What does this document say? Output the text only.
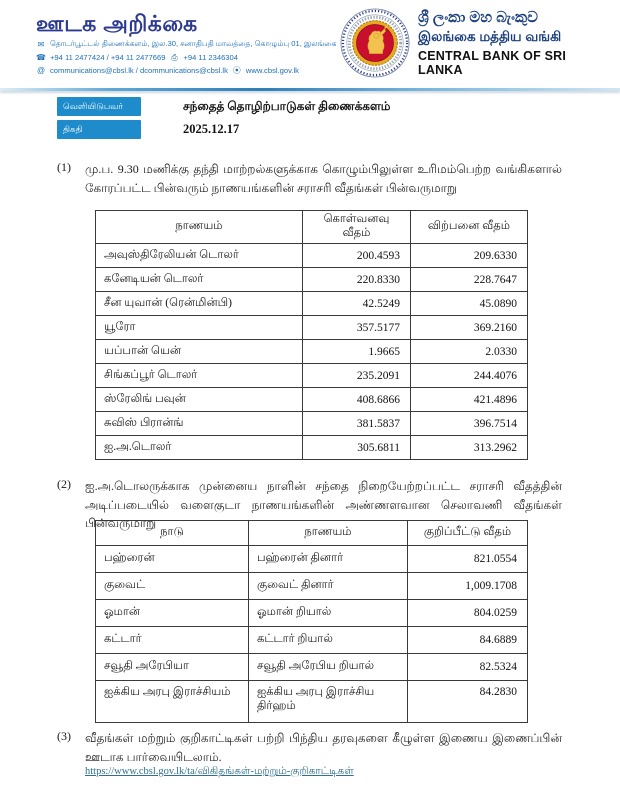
ஊடக அறிக்கை
✉ தொடர்பூட்டல் திணைக்களம், இல.30, சனாதிபதி மாவத்தை, கொழும்பு 01, இலங்கை
☎ +94 11 2477424 / +94 11 2477669 ⎙ +94 11 2346304
@ communications@cbsl.lk / dcommunications@cbsl.lk ⦿ www.cbsl.gov.lk
ශ්‍රී ලංකා මහ බැංකුව
இலங்கை மத்திய வங்கி
CENTRAL BANK OF SRI LANKA
வெளியிடுபவர்	சந்தைத் தொழிற்பாடுகள் திணைக்களம்
திகதி	2025.12.17
(1)	மு.ப. 9.30 மணிக்கு தந்தி மாற்றல்களுக்காக கொழும்பிலுள்ள உரிமம்பெற்ற வங்கிகளால் கோரப்பட்ட பின்வரும் நாணயங்களின் சராசரி வீதங்கள் பின்வருமாறு
நாணயம்	கொள்வனவு வீதம்	விற்பனை வீதம்
அவுஸ்திரேலியன் டொலர்	200.4593	209.6330
கனேடியன் டொலர்	220.8330	228.7647
சீன யுவான் (ரென்மின்பி)	42.5249	45.0890
யூரோ	357.5177	369.2160
யப்பான் யென்	1.9665	2.0330
சிங்கப்பூர் டொலர்	235.2091	244.4076
ஸ்ரேலிங் பவுன்	408.6866	421.4896
சுவிஸ் பிரான்ங்	381.5837	396.7514
ஐ.அ.டொலர்	305.6811	313.2962
(2)	ஐ.அ.டொலருக்காக முன்னைய நாளின் சந்தை நிறையேற்றப்பட்ட சராசரி வீதத்தின் அடிப்படையில் வளைகுடா நாணயங்களின் அண்ணளவான செலாவணி வீதங்கள் பின்வருமாறு
நாடு	நாணயம்	குறிப்பீட்டு வீதம்
பஹ்ரைன்	பஹ்ரைன் தினார்	821.0554
குவைட்	குவைட் தினார்	1,009.1708
ஓமான்	ஓமான் றியால்	804.0259
கட்டார்	கட்டார் றியால்	84.6889
சவூதி அரேபியா	சவூதி அரேபிய றியால்	82.5324
ஐக்கிய அரபு இராச்சியம்	ஐக்கிய அரபு இராச்சிய திர்ஹம்	84.2830
(3)	வீதங்கள் மற்றும் குறிகாட்டிகள் பற்றி பிந்திய தரவுகளை கீழுள்ள இணைய இணைப்பின் ஊடாக பார்வையிடலாம்.
https://www.cbsl.gov.lk/ta/விகிதங்கள்-மற்றும்-குறிகாட்டிகள்
